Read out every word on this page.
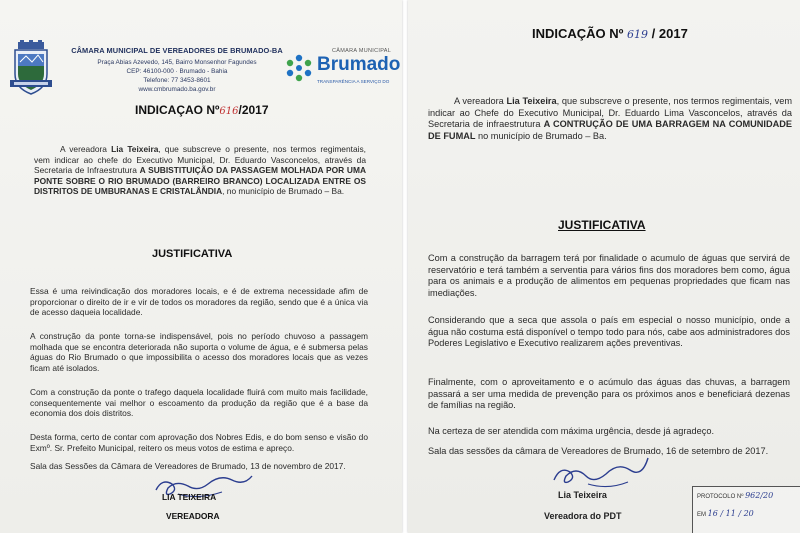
CÂMARA MUNICIPAL DE VEREADORES DE BRUMADO-BA
Praça Abias Azevedo, 145, Bairro Monsenhor Fagundes
CEP: 46100-000 · Brumado - Bahia
Telefone: 77 3453-8601
www.cmbrumado.ba.gov.br
CÂMARA MUNICIPAL
Brumado
TRANSPARÊNCIA A SERVIÇO DO
INDICAÇAO Nº616/2017

A vereadora Lia Teixeira, que subscreve o presente, nos termos regimentais, vem indicar ao chefe do Executivo Municipal, Dr. Eduardo Vasconcelos, através da Secretaria de Infraestrutura A SUBISTITUIÇÃO DA PASSAGEM MOLHADA POR UMA PONTE SOBRE O RIO BRUMADO (BARREIRO BRANCO) LOCALIZADA ENTRE OS DISTRITOS DE UMBURANAS E CRISTALÂNDIA, no município de Brumado – Ba.

JUSTIFICATIVA

Essa é uma reivindicação dos moradores locais, e é de extrema necessidade afim de proporcionar o direito de ir e vir de todos os moradores da região, sendo que é a única via de acesso daqueia localidade.

A construção da ponte torna-se indispensável, pois no período chuvoso a passagem molhada que se encontra deteriorada não suporta o volume de água, e é submersa pelas águas do Rio Brumado o que impossibilita o acesso dos moradores locais que as vezes ficam até isolados.

Com a construção da ponte o trafego daquela localidade fluirá com muito mais facilidade, consequentemente vai melhor o escoamento da produção da região que é a base da economia dos dois distritos.

Desta forma, certo de contar com aprovação dos Nobres Edis, e do bom senso e visão do Exmº. Sr. Prefeito Municipal, reitero os meus votos de estima e apreço.

Sala das Sessões da Câmara de Vereadores de Brumado, 13 de novembro de 2017.

LIA TEIXEIRA
VEREADORA
INDICAÇÃO Nº 619 / 2017

A vereadora Lia Teixeira, que subscreve o presente, nos termos regimentais, vem indicar ao Chefe do Executivo Municipal, Dr. Eduardo Lima Vasconcelos, através da Secretaria de infraestrutura A CONTRUÇÃO DE UMA BARRAGEM NA COMUNIDADE DE FUMAL no município de Brumado – Ba.

JUSTIFICATIVA

Com a construção da barragem terá por finalidade o acumulo de águas que servirá de reservatório e terá também a serventia para vários fins dos moradores bem como, água para os animais e a produção de alimentos em pequenas propriedades que ficam nas imediações.

Considerando que a seca que assola o país em especial o nosso município, onde a água não costuma está disponível o tempo todo para nós, cabe aos administradores dos Poderes Legislativo e Executivo realizarem ações preventivas.

Finalmente, com o aproveitamento e o acúmulo das águas das chuvas, a barragem passará a ser uma medida de prevenção para os próximos anos e beneficiará dezenas de famílias na região.

Na certeza de ser atendida com máxima urgência, desde já agradeço.

Sala das sessões da câmara de Vereadores de Brumado, 16 de setembro de 2017.

Lia Teixeira
Vereadora do PDT
PROTOCOLO Nº 962/20
EM 16 / 11 / 20
